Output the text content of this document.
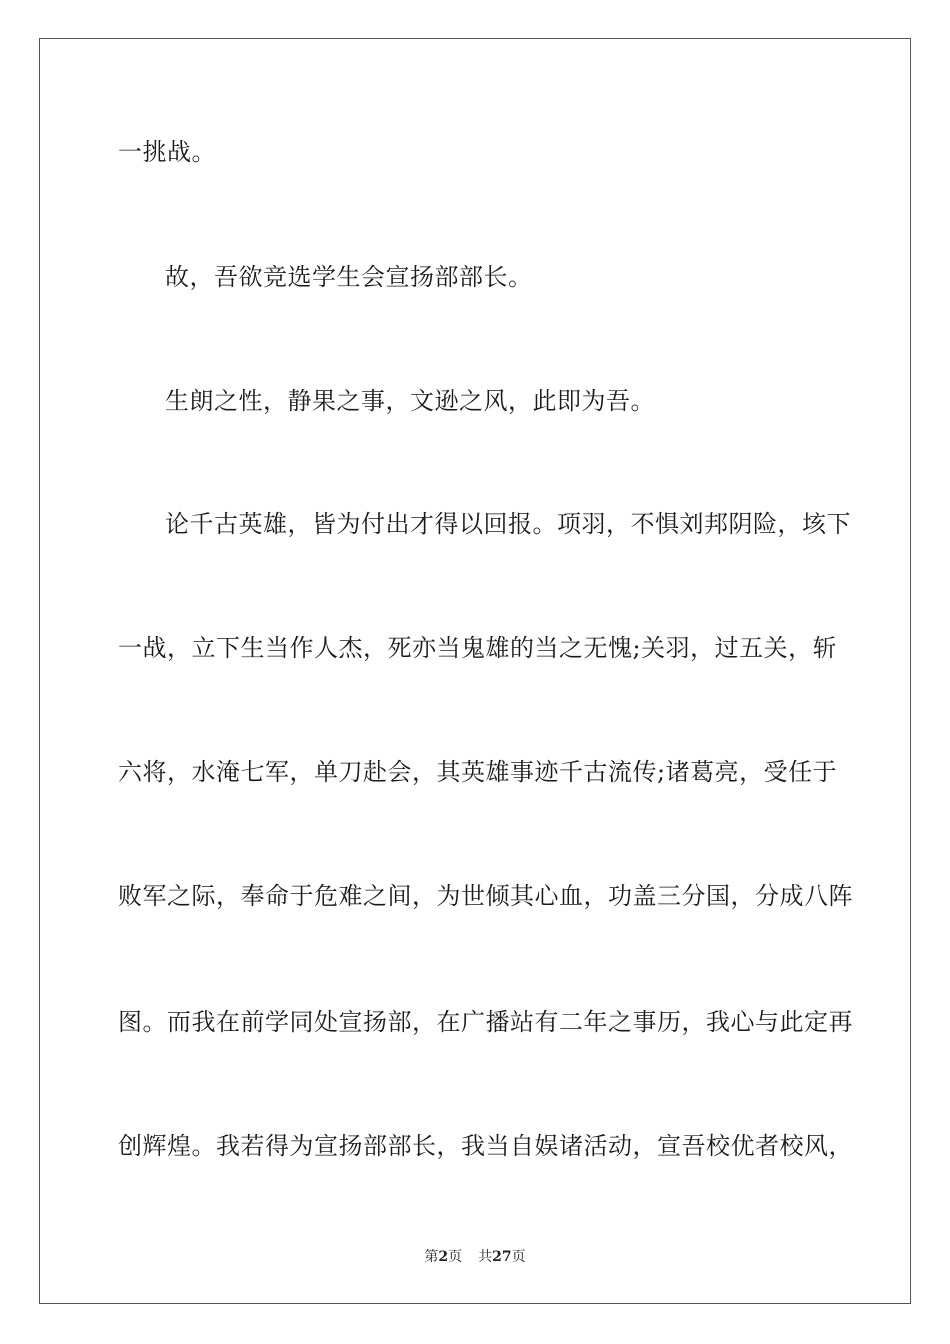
一挑战。
故，吾欲竞选学生会宣扬部部长。
生朗之性，静果之事，文逊之风，此即为吾。
论千古英雄，皆为付出才得以回报。项羽，不惧刘邦阴险，垓下
一战，立下生当作人杰，死亦当鬼雄的当之无愧;关羽，过五关，斩
六将，水淹七军，单刀赴会，其英雄事迹千古流传;诸葛亮，受任于
败军之际，奉命于危难之间，为世倾其心血，功盖三分国，分成八阵
图。而我在前学同处宣扬部，在广播站有二年之事历，我心与此定再
创辉煌。我若得为宣扬部部长，我当自娱诸活动，宣吾校优者校风，
第2页 共27页
